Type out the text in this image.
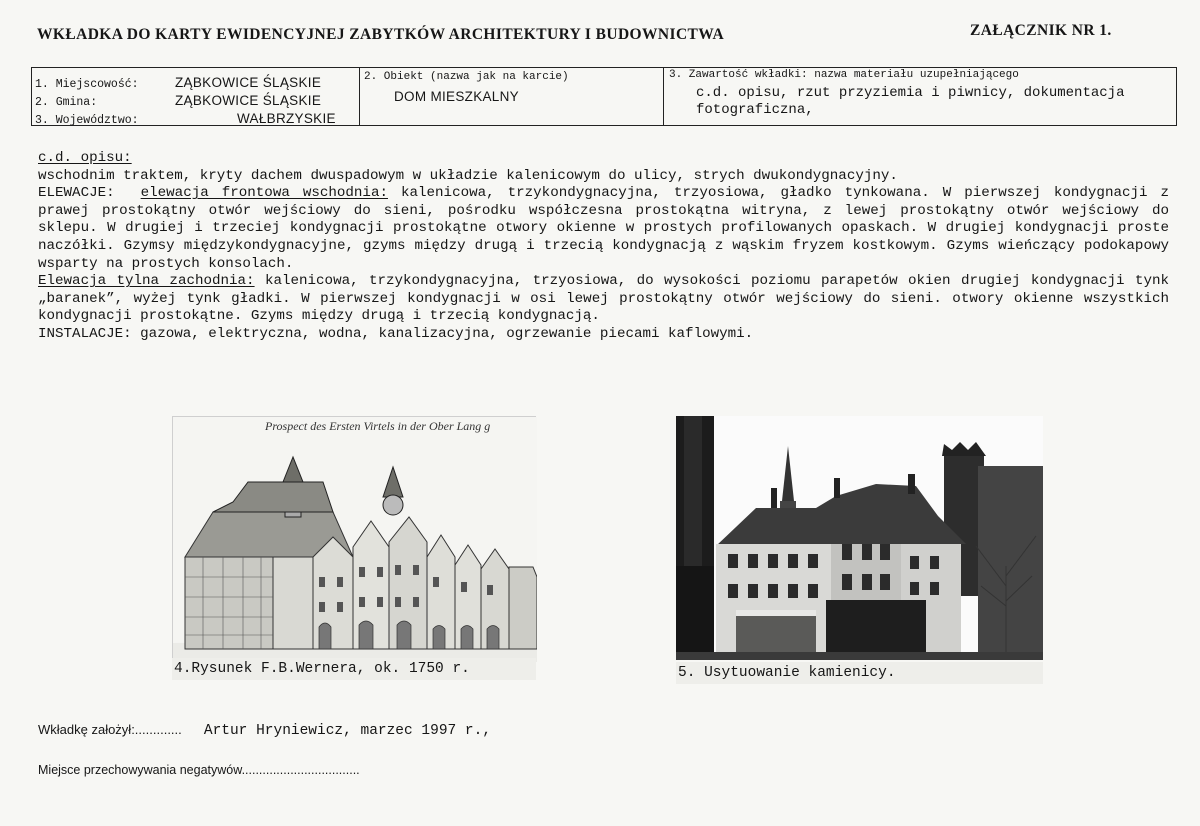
WKŁADKA DO KARTY EWIDENCYJNEJ ZABYTKÓW ARCHITEKTURY I BUDOWNICTWA	ZAŁĄCZNIK NR 1.
1. Miejscowość:	ZĄBKOWICE ŚLĄSKIE
2. Gmina:	ZĄBKOWICE ŚLĄSKIE
3. Województwo:	WAŁBRZYSKIE
2. Obiekt (nazwa jak na karcie)
DOM MIESZKALNY
3. Zawartość wkładki: nazwa materiału uzupełniającego
c.d. opisu, rzut przyziemia i piwnicy, dokumentacja fotograficzna,

c.d. opisu:

wschodnim traktem, kryty dachem dwuspadowym w układzie kalenicowym do ulicy, strych dwukondygnacyjny.

ELEWACJE: elewacja frontowa wschodnia: kalenicowa, trzykondygnacyjna, trzyosiowa, gładko tynkowana. W pierwszej kondygnacji z prawej prostokątny otwór wejściowy do sieni, pośrodku współczesna prostokątna witryna, z lewej prostokątny otwór wejściowy do sklepu. W drugiej i trzeciej kondygnacji prostokątne otwory okienne w prostych profilowanych opaskach. W drugiej kondygnacji proste naczółki. Gzymsy międzykondygnacyjne, gzyms między drugą i trzecią kondygnacją z wąskim fryzem kostkowym. Gzyms wieńczący podokapowy wsparty na prostych konsolach.

Elewacja tylna zachodnia: kalenicowa, trzykondygnacyjna, trzyosiowa, do wysokości poziomu parapetów okien drugiej kondygnacji tynk „baranek”, wyżej tynk gładki. W pierwszej kondygnacji w osi lewej prostokątny otwór wejściowy do sieni. otwory okienne wszystkich kondygnacji prostokątne. Gzyms między drugą i trzecią kondygnacją.

INSTALACJE: gazowa, elektryczna, wodna, kanalizacyjna, ogrzewanie piecami kaflowymi.

Prospect des Ersten Virtels in der Ober Lang g
4.Rysunek F.B.Wernera, ok. 1750 r.	5. Usytuowanie kamienicy.
Wkładkę założył:............. Artur Hryniewicz, marzec 1997 r.,
Miejsce przechowywania negatywów..................................
